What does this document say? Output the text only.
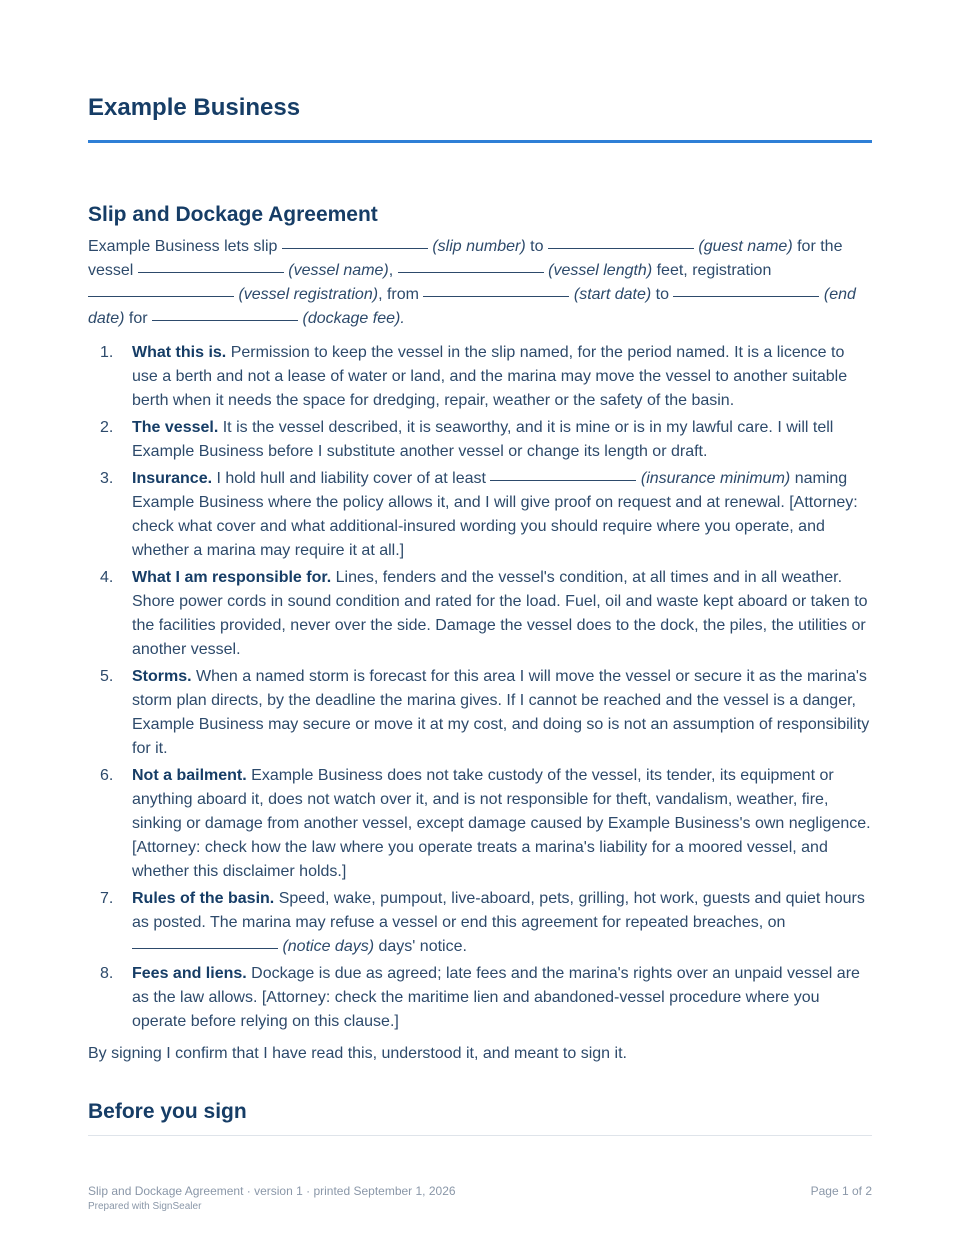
Example Business
Slip and Dockage Agreement

Example Business lets slip	(slip number) to	(guest name) for the vessel	(vessel name),	(vessel length) feet, registration  (vessel registration), from	(start date) to	(end date) for	(dockage fee).

1. What this is. Permission to keep the vessel in the slip named, for the period named. It is a licence to use a berth and not a lease of water or land, and the marina may move the vessel to another suitable berth when it needs the space for dredging, repair, weather or the safety of the basin.
2. The vessel. It is the vessel described, it is seaworthy, and it is mine or is in my lawful care. I will tell Example Business before I substitute another vessel or change its length or draft.
3. Insurance. I hold hull and liability cover of at least	(insurance minimum) naming Example Business where the policy allows it, and I will give proof on request and at renewal. [Attorney: check what cover and what additional-insured wording you should require where you operate, and whether a marina may require it at all.]
4. What I am responsible for. Lines, fenders and the vessel's condition, at all times and in all weather. Shore power cords in sound condition and rated for the load. Fuel, oil and waste kept aboard or taken to the facilities provided, never over the side. Damage the vessel does to the dock, the piles, the utilities or another vessel.
5. Storms. When a named storm is forecast for this area I will move the vessel or secure it as the marina's storm plan directs, by the deadline the marina gives. If I cannot be reached and the vessel is a danger, Example Business may secure or move it at my cost, and doing so is not an assumption of responsibility for it.
6. Not a bailment. Example Business does not take custody of the vessel, its tender, its equipment or anything aboard it, does not watch over it, and is not responsible for theft, vandalism, weather, fire, sinking or damage from another vessel, except damage caused by Example Business's own negligence. [Attorney: check how the law where you operate treats a marina's liability for a moored vessel, and whether this disclaimer holds.]
7. Rules of the basin. Speed, wake, pumpout, live-aboard, pets, grilling, hot work, guests and quiet hours as posted. The marina may refuse a vessel or end this agreement for repeated breaches, on  (notice days) days' notice.
8. Fees and liens. Dockage is due as agreed; late fees and the marina's rights over an unpaid vessel are as the law allows. [Attorney: check the maritime lien and abandoned-vessel procedure where you operate before relying on this clause.]

By signing I confirm that I have read this, understood it, and meant to sign it.

Before you sign
Slip and Dockage Agreement · version 1 · printed September 1, 2026
Prepared with SignSealer
Page 1 of 2
